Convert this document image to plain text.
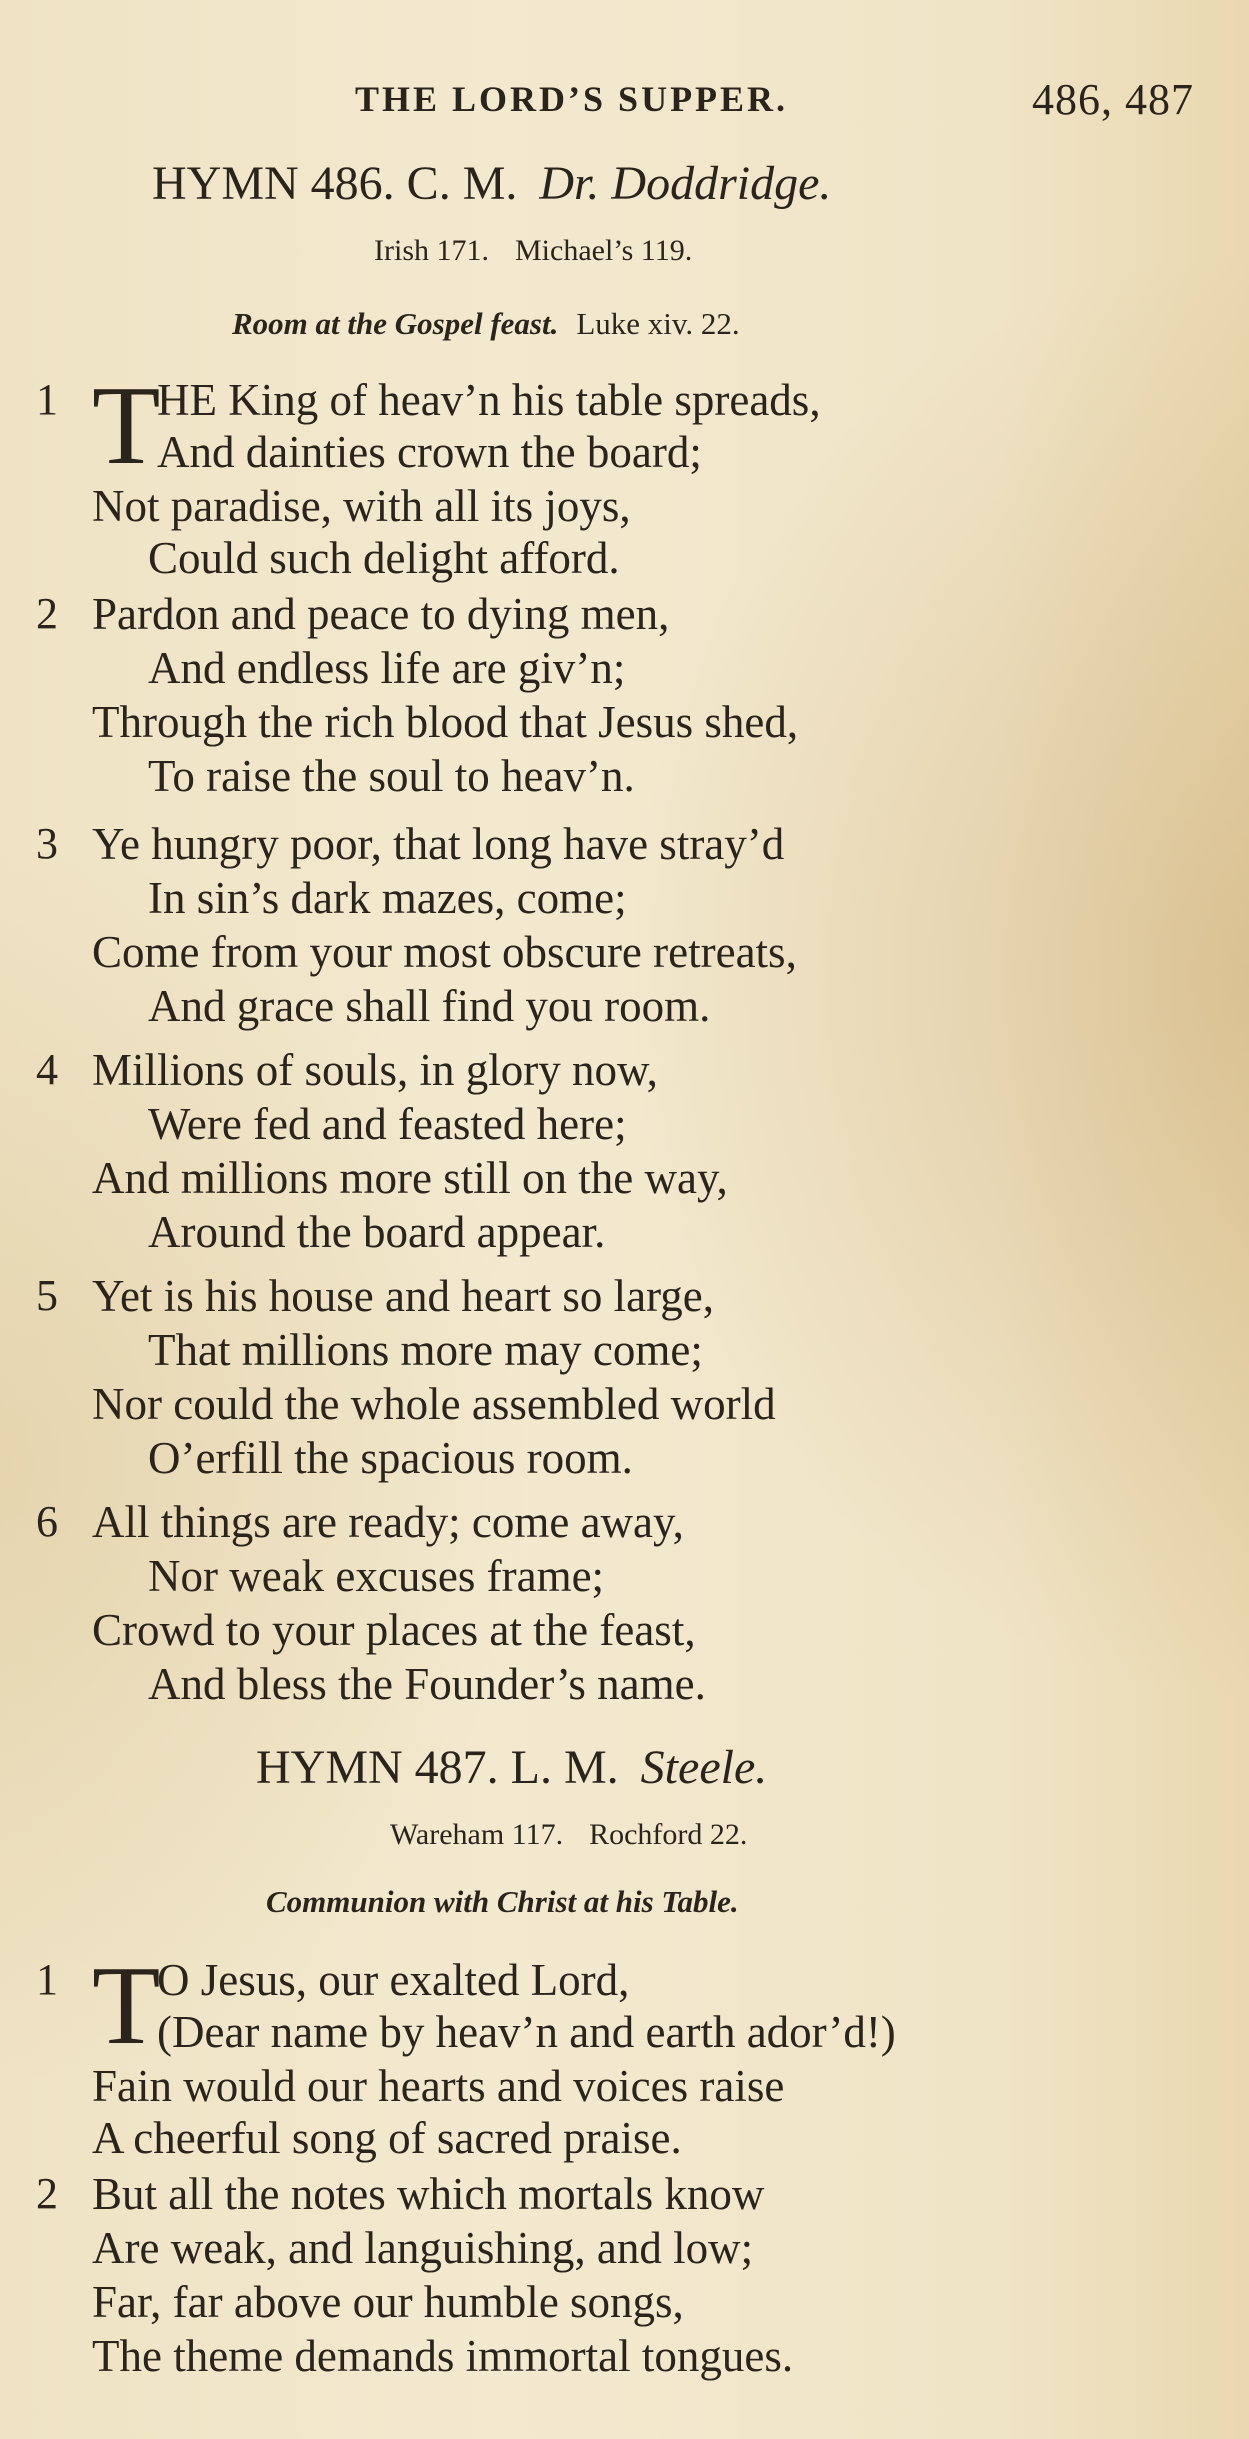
THE LORD’S SUPPER.	486, 487
HYMN 486. C. M. Dr. Doddridge.
Irish 171. Michael’s 119.
Room at the Gospel feast. Luke xiv. 22.
1 T
HE King of heav’n his table spreads,
And dainties crown the board;
Not paradise, with all its joys,
Could such delight afford.
2 Pardon and peace to dying men,
And endless life are giv’n;
Through the rich blood that Jesus shed,
To raise the soul to heav’n.
3 Ye hungry poor, that long have stray’d
In sin’s dark mazes, come;
Come from your most obscure retreats,
And grace shall find you room.
4 Millions of souls, in glory now,
Were fed and feasted here;
And millions more still on the way,
Around the board appear.
5 Yet is his house and heart so large,
That millions more may come;
Nor could the whole assembled world
O’erfill the spacious room.
6 All things are ready; come away,
Nor weak excuses frame;
Crowd to your places at the feast,
And bless the Founder’s name.
HYMN 487. L. M. Steele.
Wareham 117. Rochford 22.
Communion with Christ at his Table.
1 T
O Jesus, our exalted Lord,
(Dear name by heav’n and earth ador’d!)
Fain would our hearts and voices raise
A cheerful song of sacred praise.
2 But all the notes which mortals know
Are weak, and languishing, and low;
Far, far above our humble songs,
The theme demands immortal tongues.
